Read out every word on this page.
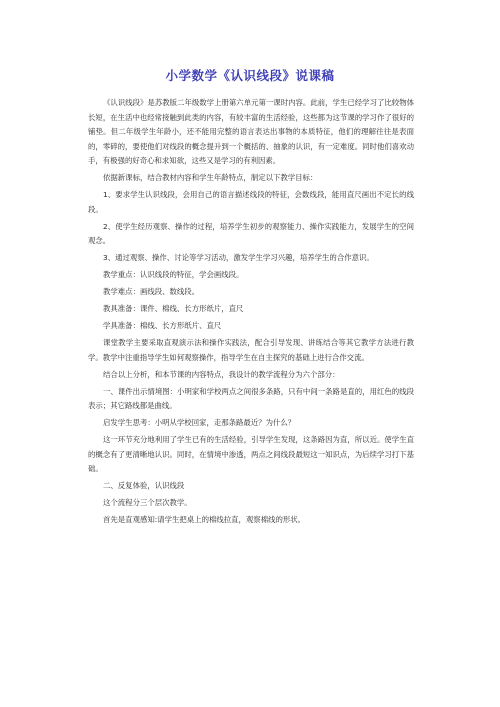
小学数学《认识线段》说课稿

《认识线段》是苏教版二年级数学上册第六单元第一课时内容。此前，学生已经学习了比较物体长短，在生活中也经常接触到此类的内容，有较丰富的生活经验，这些都为这节课的学习作了很好的铺垫。但二年级学生年龄小，还不能用完整的语言表达出事物的本质特征，他们的理解往往是表面的，零碎的，要使他们对线段的概念提升到一个概括的、抽象的认识，有一定难度。同时他们喜欢动手，有极强的好奇心和求知欲，这些又是学习的有利因素。

依据新课标，结合教材内容和学生年龄特点，制定以下教学目标：

1、要求学生认识线段，会用自己的语言描述线段的特征，会数线段，能用直尺画出不定长的线段。

2、使学生经历观察、操作的过程，培养学生初步的观察能力、操作实践能力，发展学生的空间观念。

3、通过观察、操作、讨论等学习活动，激发学生学习兴趣，培养学生的合作意识。

教学重点：认识线段的特征，学会画线段。

教学难点：画线段、数线段。

教具准备：课件、棉线、长方形纸片，直尺

学具准备：棉线、长方形纸片、直尺

课堂教学主要采取直观演示法和操作实践法，配合引导发现、讲练结合等其它教学方法进行教学。教学中注重指导学生如何观察操作，指导学生在自主探究的基础上进行合作交流。

结合以上分析，和本节课的内容特点，我设计的教学流程分为六个部分：

一、课件出示情境图：小明家和学校两点之间很多条路，只有中间一条路是直的，用红色的线段表示；其它路线都是曲线。

启发学生思考：小明从学校回家，走那条路最近？为什么？

这一环节充分地利用了学生已有的生活经验，引导学生发现，这条路因为直，所以近。使学生直的概念有了更清晰地认识。同时，在情境中渗透，两点之间线段最短这一知识点，为后续学习打下基础。

二、反复体验，认识线段

这个流程分三个层次教学。

首先是直观感知:请学生把桌上的棉线拉直，观察棉线的形状。
